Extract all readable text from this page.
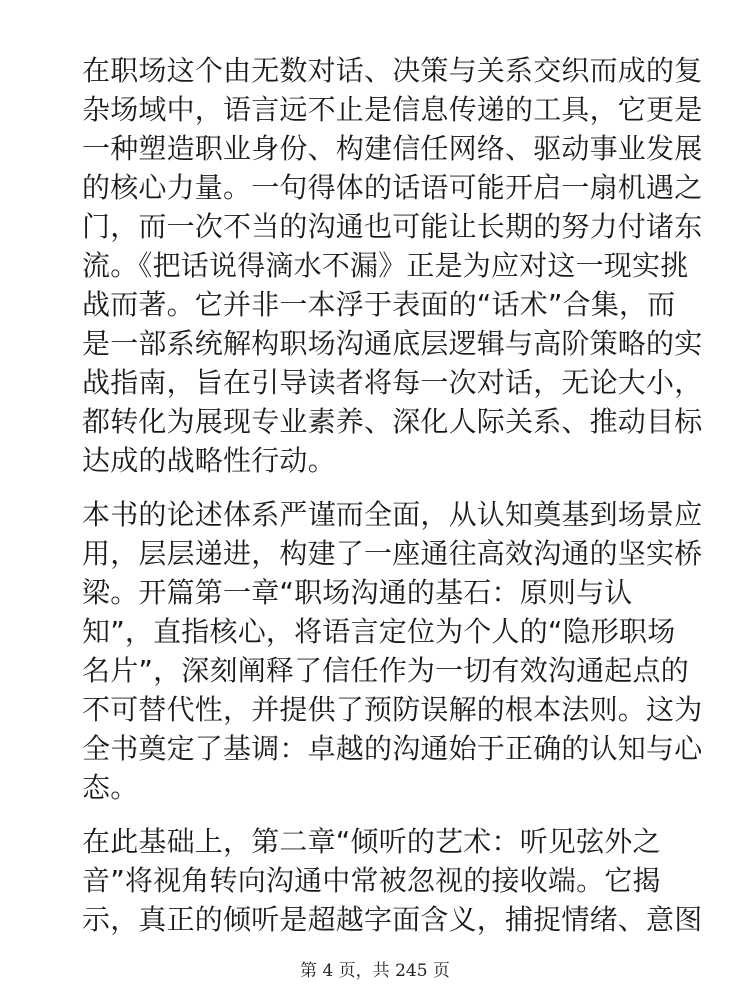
在职场这个由无数对话、决策与关系交织而成的复
杂场域中，语言远不止是信息传递的工具，它更是
一种塑造职业身份、构建信任网络、驱动事业发展
的核心力量。一句得体的话语可能开启一扇机遇之
门，而一次不当的沟通也可能让长期的努力付诸东
流。《把话说得滴水不漏》正是为应对这一现实挑
战而著。它并非一本浮于表面的“话术”合集，而
是一部系统解构职场沟通底层逻辑与高阶策略的实
战指南，旨在引导读者将每一次对话，无论大小，
都转化为展现专业素养、深化人际关系、推动目标
达成的战略性行动。
本书的论述体系严谨而全面，从认知奠基到场景应
用，层层递进，构建了一座通往高效沟通的坚实桥
梁。开篇第一章“职场沟通的基石：原则与认
知”，直指核心，将语言定位为个人的“隐形职场
名片”，深刻阐释了信任作为一切有效沟通起点的
不可替代性，并提供了预防误解的根本法则。这为
全书奠定了基调：卓越的沟通始于正确的认知与心
态。
在此基础上，第二章“倾听的艺术：听见弦外之
音”将视角转向沟通中常被忽视的接收端。它揭
示，真正的倾听是超越字面含义，捕捉情绪、意图
第 4 页，共 245 页
